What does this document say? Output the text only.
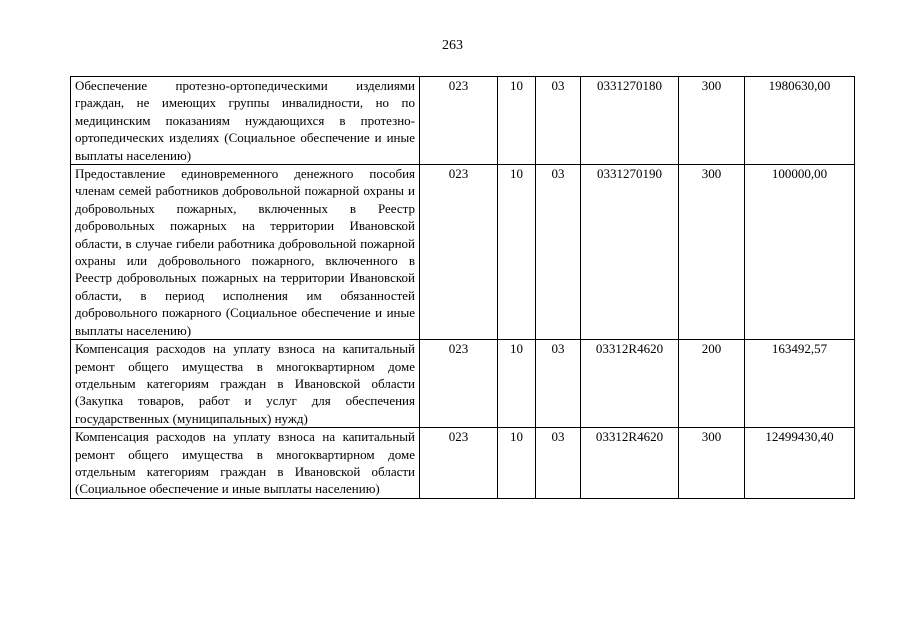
263
Обеспечение протезно-ортопедическими изделиями граждан, не имеющих группы инвалидности, но по медицинским показаниям нуждающихся в протезно-ортопедических изделиях (Социальное обеспечение и иные выплаты населению)	023	10	03	0331270180	300	1980630,00
Предоставление единовременного денежного пособия членам семей работников добровольной пожарной охраны и добровольных пожарных, включенных в Реестр добровольных пожарных на территории Ивановской области, в случае гибели работника добровольной пожарной охраны или добровольного пожарного, включенного в Реестр добровольных пожарных на территории Ивановской области, в период исполнения им обязанностей добровольного пожарного (Социальное обеспечение и иные выплаты населению)	023	10	03	0331270190	300	100000,00
Компенсация расходов на уплату взноса на капитальный ремонт общего имущества в многоквартирном доме отдельным категориям граждан в Ивановской области (Закупка товаров, работ и услуг для обеспечения государственных (муниципальных) нужд)	023	10	03	03312R4620	200	163492,57
Компенсация расходов на уплату взноса на капитальный ремонт общего имущества в многоквартирном доме отдельным категориям граждан в Ивановской области (Социальное обеспечение и иные выплаты населению)	023	10	03	03312R4620	300	12499430,40
